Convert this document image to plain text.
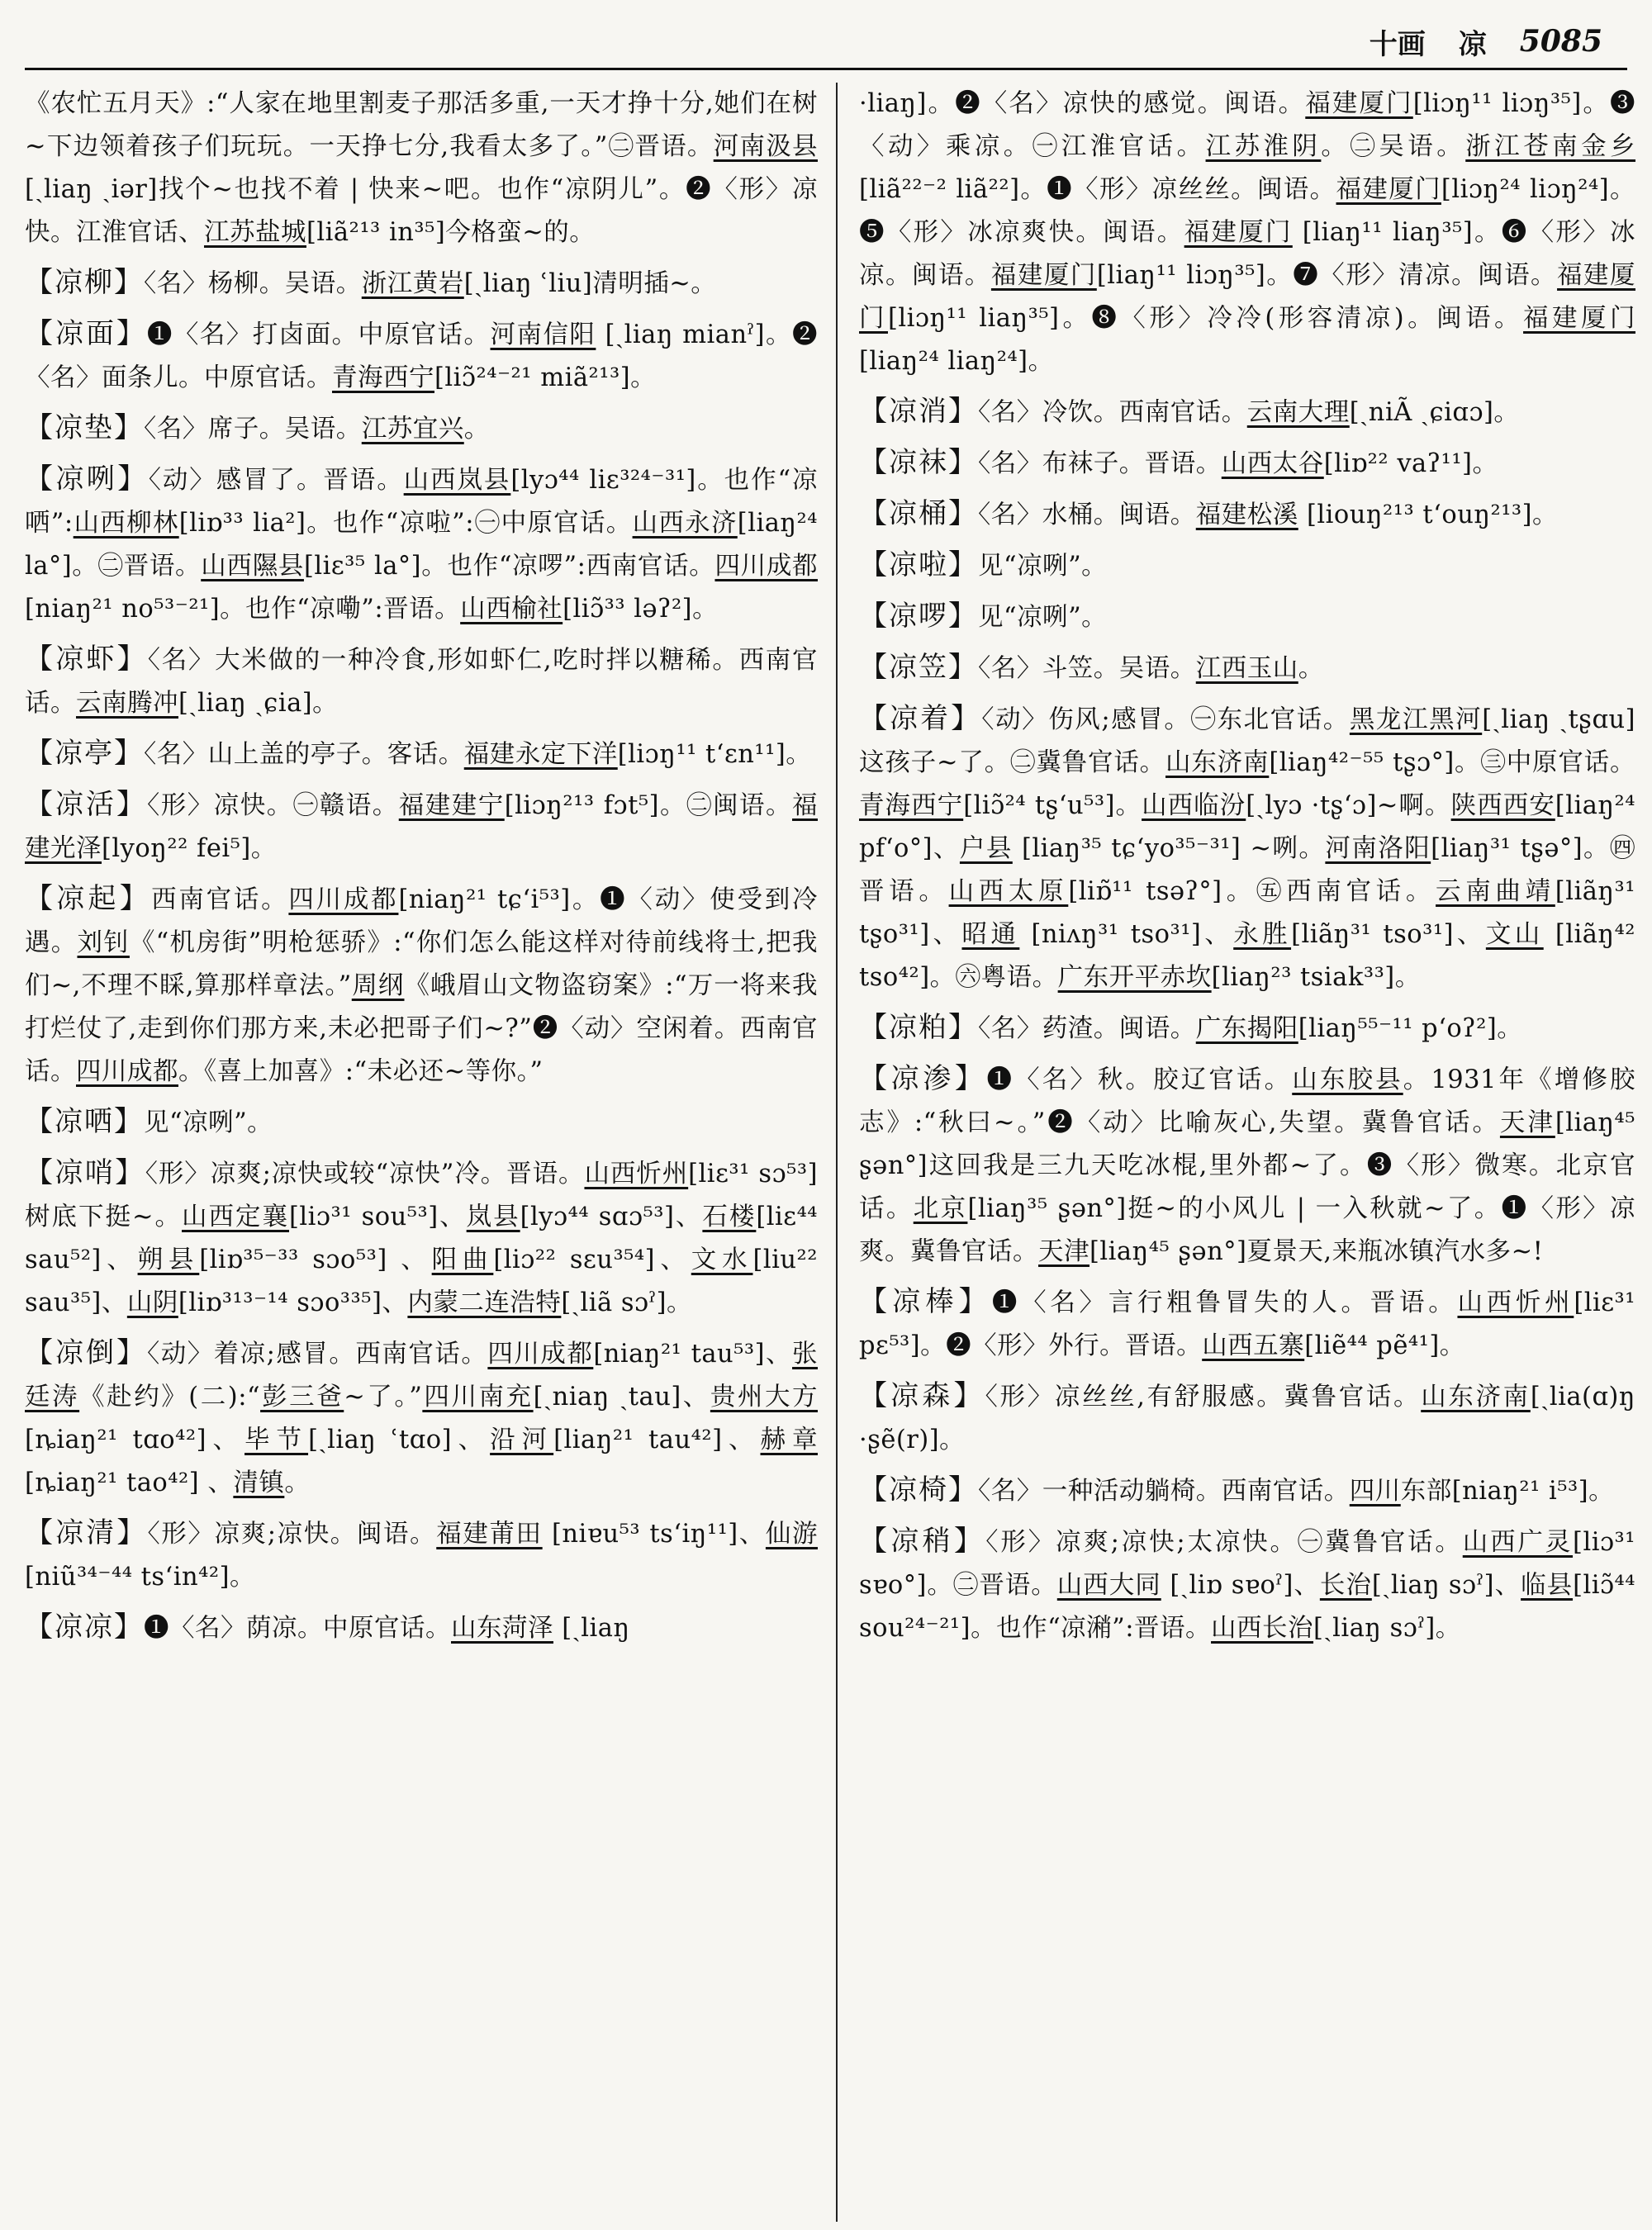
十画 凉 5085

《农忙五月天》:“人家在地里割麦子那活多重,一天才挣十分,她们在树~下边领着孩子们玩玩。一天挣七分,我看太多了。”㊁晋语。河南汲县[ˏliaŋ ˏiər]找个~也找不着 | 快来~吧。也作“凉阴儿”。❷〈形〉凉快。江淮官话、江苏盐城[liã²¹³ in³⁵]今格蛮~的。

【凉柳】〈名〉杨柳。吴语。浙江黄岩[ˏliaŋ ʿliu]清明插~。

【凉面】❶〈名〉打卤面。中原官话。河南信阳 [ˏliaŋ mianˀ]。❷〈名〉面条儿。中原官话。青海西宁[liɔ̃²⁴⁻²¹ miã²¹³]。

【凉垫】〈名〉席子。吴语。江苏宜兴。

【凉咧】〈动〉感冒了。晋语。山西岚县[lyɔ⁴⁴ liɛ³²⁴⁻³¹]。也作“凉哂”:山西柳林[liɒ³³ lia²]。也作“凉啦”:㊀中原官话。山西永济[liaŋ²⁴ la°]。㊁晋语。山西隰县[liɛ³⁵ la°]。也作“凉啰”:西南官话。四川成都[niaŋ²¹ no⁵³⁻²¹]。也作“凉嘞”:晋语。山西榆社[liɔ̃³³ ləʔ²]。

【凉虾】〈名〉大米做的一种冷食,形如虾仁,吃时拌以糖稀。西南官话。云南腾冲[ˏliaŋ ˏɕia]。

【凉亭】〈名〉山上盖的亭子。客话。福建永定下洋[liɔŋ¹¹ tʻɛn¹¹]。

【凉活】〈形〉凉快。㊀赣语。福建建宁[liɔŋ²¹³ fɔt⁵]。㊁闽语。福建光泽[lyoŋ²² fei⁵]。

【凉起】西南官话。四川成都[niaŋ²¹ tɕʻi⁵³]。❶〈动〉使受到冷遇。刘钊《“机房街”明枪惩骄》:“你们怎么能这样对待前线将士,把我们~,不理不睬,算那样章法。”周纲《峨眉山文物盗窃案》:“万一将来我打烂仗了,走到你们那方来,未必把哥子们~?”❷〈动〉空闲着。西南官话。四川成都。《喜上加喜》:“未必还~等你。”

【凉哂】见“凉咧”。

【凉哨】〈形〉凉爽;凉快或较“凉快”冷。晋语。山西忻州[liɛ³¹ sɔ⁵³]树底下挺~。山西定襄[liɔ³¹ sou⁵³]、岚县[lyɔ⁴⁴ sɑɔ⁵³]、石楼[liɛ⁴⁴ sau⁵²]、朔县[liɒ³⁵⁻³³ sɔo⁵³] 、阳曲[liɔ²² sɛu³⁵⁴]、文水[liu²² sau³⁵]、山阴[liɒ³¹³⁻¹⁴ sɔo³³⁵]、内蒙二连浩特[ˏliã sɔˀ]。

【凉倒】〈动〉着凉;感冒。西南官话。四川成都[niaŋ²¹ tau⁵³]、张廷涛《赴约》(二):“彭三爸~了。”四川南充[ˏniaŋ ˏtau]、贵州大方 [ȵiaŋ²¹ tɑo⁴²]、毕节[ˏliaŋ ʿtɑo]、沿河[liaŋ²¹ tau⁴²]、赫章[ȵiaŋ²¹ tao⁴²] 、清镇。

【凉清】〈形〉凉爽;凉快。闽语。福建莆田 [niɐu⁵³ tsʻiŋ¹¹]、仙游[niũ³⁴⁻⁴⁴ tsʻin⁴²]。

【凉凉】❶〈名〉荫凉。中原官话。山东菏泽 [ˏliaŋ

·liaŋ]。❷〈名〉凉快的感觉。闽语。福建厦门[liɔŋ¹¹ liɔŋ³⁵]。❸〈动〉乘凉。㊀江淮官话。江苏淮阴。㊁吴语。浙江苍南金乡 [liã²²⁻² liã²²]。❶〈形〉凉丝丝。闽语。福建厦门[liɔŋ²⁴ liɔŋ²⁴]。❺〈形〉冰凉爽快。闽语。福建厦门 [liaŋ¹¹ liaŋ³⁵]。❻〈形〉冰凉。闽语。福建厦门[liaŋ¹¹ liɔŋ³⁵]。❼〈形〉清凉。闽语。福建厦门[liɔŋ¹¹ liaŋ³⁵]。❽〈形〉冷冷(形容清凉)。闽语。福建厦门[liaŋ²⁴ liaŋ²⁴]。

【凉消】〈名〉冷饮。西南官话。云南大理[ˏniÃ ˏɕiɑɔ]。

【凉袜】〈名〉布袜子。晋语。山西太谷[liɒ²² vaʔ¹¹]。

【凉桶】〈名〉水桶。闽语。福建松溪 [liouŋ²¹³ tʻouŋ²¹³]。

【凉啦】见“凉咧”。

【凉啰】见“凉咧”。

【凉笠】〈名〉斗笠。吴语。江西玉山。

【凉着】〈动〉伤风;感冒。㊀东北官话。黑龙江黑河[ˏliaŋ ˏtʂɑu]这孩子~了。㊁冀鲁官话。山东济南[liaŋ⁴²⁻⁵⁵ tʂɔ°]。㊂中原官话。青海西宁[liɔ̃²⁴ tʂʻu⁵³]。山西临汾[ˏlyɔ ·tʂʻɔ]~啊。陕西西安[liaŋ²⁴ pfʻo°]、户县 [liaŋ³⁵ tɕʻyo³⁵⁻³¹] ~咧。河南洛阳[liaŋ³¹ tʂə°]。㊃晋语。山西太原[liɒ̃¹¹ tsəʔ°]。㊄西南官话。云南曲靖[liãŋ³¹ tʂo³¹]、昭通 [niʌŋ³¹ tso³¹]、永胜[liãŋ³¹ tso³¹]、文山 [liãŋ⁴² tso⁴²]。㊅粤语。广东开平赤坎[liaŋ²³ tsiak³³]。

【凉粕】〈名〉药渣。闽语。广东揭阳[liaŋ⁵⁵⁻¹¹ pʻoʔ²]。

【凉渗】❶〈名〉秋。胶辽官话。山东胶县。1931年《增修胶志》:“秋曰~。”❷〈动〉比喻灰心,失望。冀鲁官话。天津[liaŋ⁴⁵ ʂən°]这回我是三九天吃冰棍,里外都~了。❸〈形〉微寒。北京官话。北京[liaŋ³⁵ ʂən°]挺~的小风儿 | 一入秋就~了。❶〈形〉凉爽。冀鲁官话。天津[liaŋ⁴⁵ ʂən°]夏景天,来瓶冰镇汽水多~!

【凉棒】❶〈名〉言行粗鲁冒失的人。晋语。山西忻州[liɛ³¹ pɛ⁵³]。❷〈形〉外行。晋语。山西五寨[liẽ⁴⁴ pẽ⁴¹]。

【凉森】〈形〉凉丝丝,有舒服感。冀鲁官话。山东济南[ˏlia(ɑ)ŋ ·ʂẽ(r)]。

【凉椅】〈名〉一种活动躺椅。西南官话。四川东部[niaŋ²¹ i⁵³]。

【凉稍】〈形〉凉爽;凉快;太凉快。㊀冀鲁官话。山西广灵[liɔ³¹ sɐo°]。㊁晋语。山西大同 [ˏliɒ sɐoˀ]、长治[ˏliaŋ sɔˀ]、临县[liɔ̃⁴⁴ sou²⁴⁻²¹]。也作“凉潲”:晋语。山西长治[ˏliaŋ sɔˀ]。
